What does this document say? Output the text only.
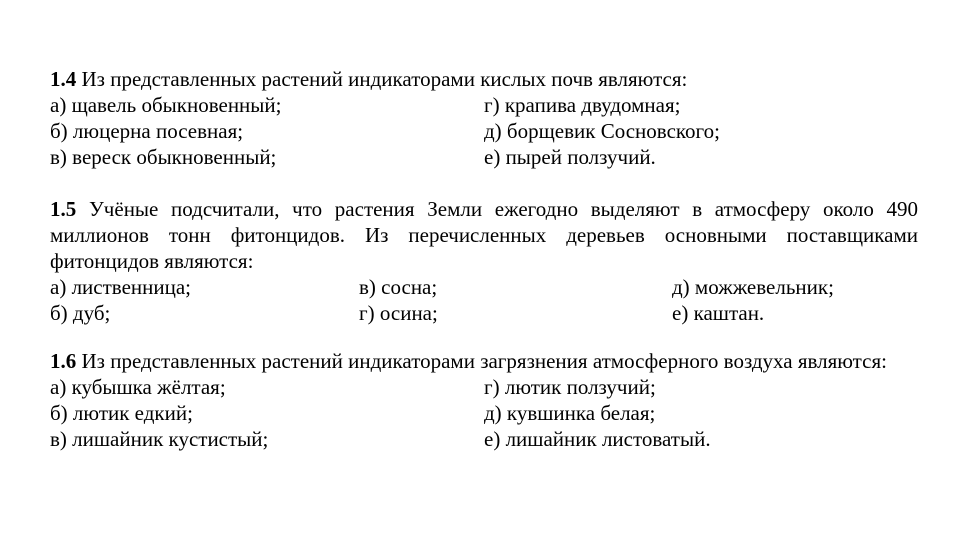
1.4 Из представленных растений индикаторами кислых почв являются:

а) щавель обыкновенный;	г) крапива двудомная;
б) люцерна посевная;	д) борщевик Сосновского;
в) вереск обыкновенный;	е) пырей ползучий.

1.5 Учёные подсчитали, что растения Земли ежегодно выделяют в атмосферу около 490 миллионов тонн фитонцидов. Из перечисленных деревьев основными поставщиками фитонцидов являются:

а) лиственница;	в) сосна;	д) можжевельник;
б) дуб;	г) осина;	е) каштан.

1.6 Из представленных растений индикаторами загрязнения атмосферного воздуха являются:

а) кубышка жёлтая;	г) лютик ползучий;
б) лютик едкий;	д) кувшинка белая;
в) лишайник кустистый;	е) лишайник листоватый.
